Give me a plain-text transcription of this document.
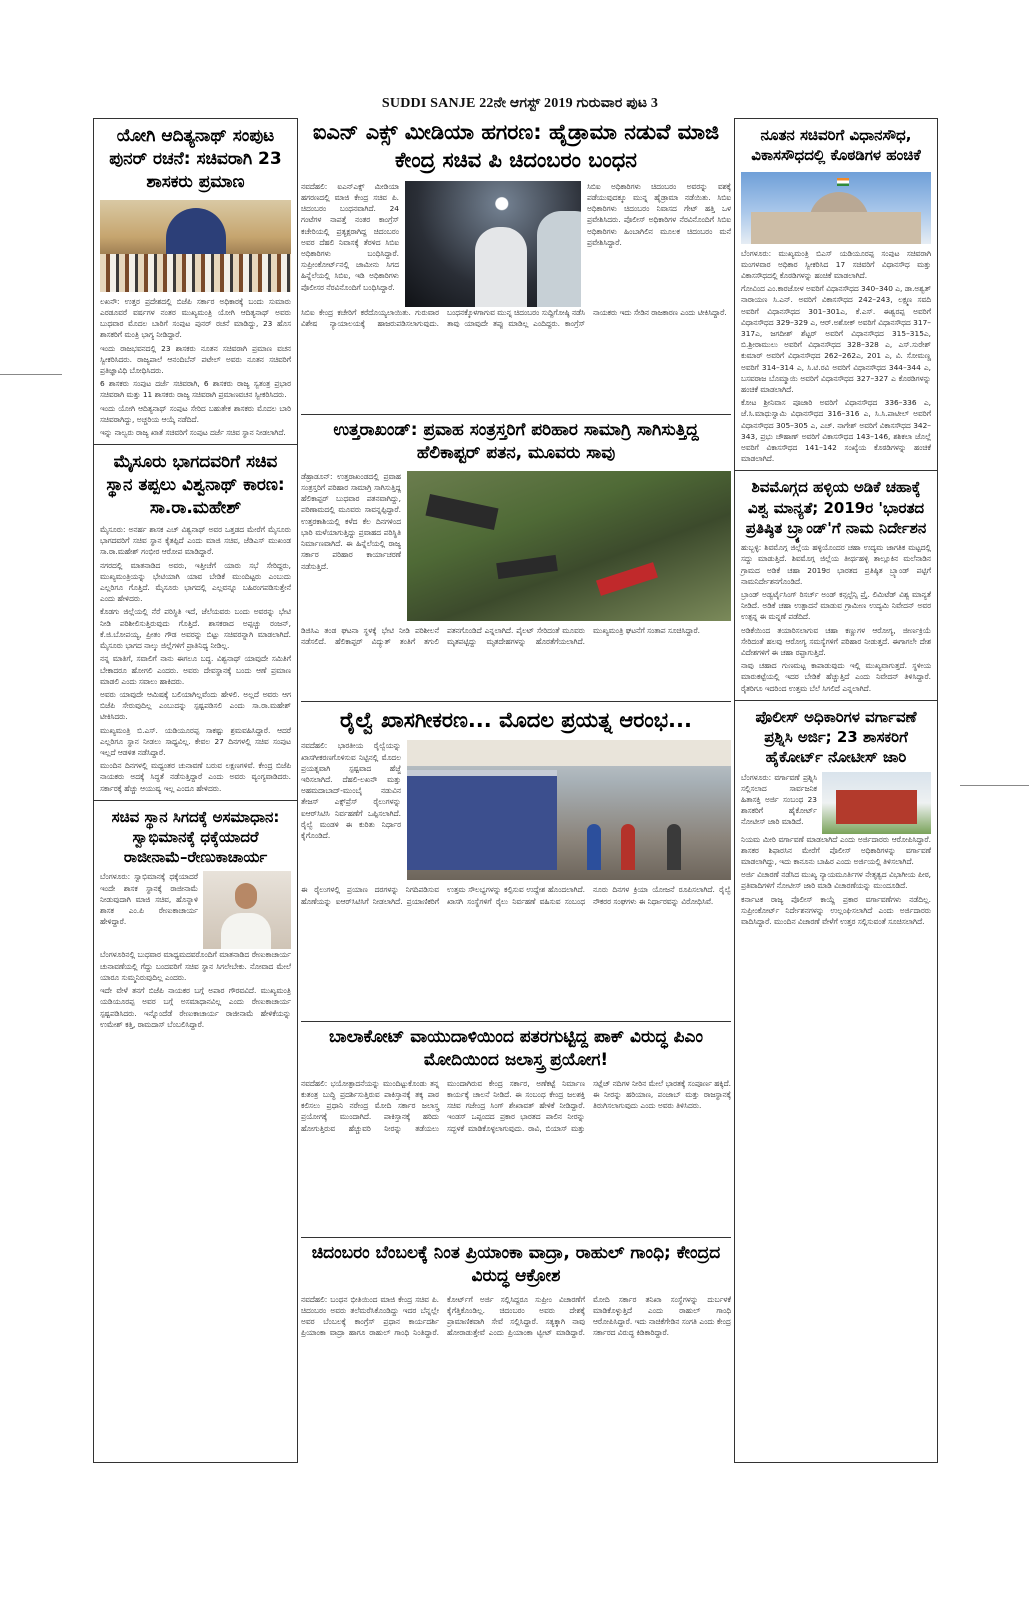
SUDDI SANJE 22ನೇ ಆಗಸ್ಟ್ 2019 ಗುರುವಾರ ಪುಟ 3
ಯೋಗಿ ಆದಿತ್ಯನಾಥ್ ಸಂಪುಟ ಪುನರ್ ರಚನೆ: ಸಚಿವರಾಗಿ 23 ಶಾಸಕರು ಪ್ರಮಾಣ

ಲಖನೌ: ಉತ್ತರ ಪ್ರದೇಶದಲ್ಲಿ ಬಿಜೆಪಿ ಸರ್ಕಾರ ಅಧಿಕಾರಕ್ಕೆ ಬಂದು ಸುಮಾರು ಎರಡೂವರೆ ವರ್ಷಗಳ ನಂತರ ಮುಖ್ಯಮಂತ್ರಿ ಯೋಗಿ ಆದಿತ್ಯನಾಥ್ ಅವರು ಬುಧವಾರ ಮೊದಲ ಬಾರಿಗೆ ಸಂಪುಟ ಪುನರ್ ರಚನೆ ಮಾಡಿದ್ದು, 23 ಹೊಸ ಶಾಸಕರಿಗೆ ಮಂತ್ರಿ ಭಾಗ್ಯ ನೀಡಿದ್ದಾರೆ.

ಇಂದು ರಾಜಭವನದಲ್ಲಿ 23 ಶಾಸಕರು ನೂತನ ಸಚಿವರಾಗಿ ಪ್ರಮಾಣ ವಚನ ಸ್ವೀಕರಿಸಿದರು. ರಾಜ್ಯಪಾಲೆ ಆನಂದಿಬೆನ್ ಪಟೇಲ್ ಅವರು ನೂತನ ಸಚಿವರಿಗೆ ಪ್ರತಿಜ್ಞಾವಿಧಿ ಬೋಧಿಸಿದರು.

6 ಶಾಸಕರು ಸಂಪುಟ ದರ್ಜೆ ಸಚಿವರಾಗಿ, 6 ಶಾಸಕರು ರಾಜ್ಯ ಸ್ವತಂತ್ರ ಪ್ರಭಾರ ಸಚಿವರಾಗಿ ಮತ್ತು 11 ಶಾಸಕರು ರಾಜ್ಯ ಸಚಿವರಾಗಿ ಪ್ರಮಾಣವಚನ ಸ್ವೀಕರಿಸಿದರು.

ಇಂದು ಯೋಗಿ ಆದಿತ್ಯನಾಥ್ ಸಂಪುಟ ಸೇರಿದ ಬಹುತೇಕ ಶಾಸಕರು ಮೊದಲ ಬಾರಿ ಸಚಿವರಾಗಿದ್ದು, ಅಚ್ಚರಿಯ ಆಯ್ಕೆ ನಡೆದಿದೆ.

ಇನ್ನು ನಾಲ್ವರು ರಾಜ್ಯ ಖಾತೆ ಸಚಿವರಿಗೆ ಸಂಪುಟ ದರ್ಜೆ ಸಚಿವ ಸ್ಥಾನ ನೀಡಲಾಗಿದೆ.

ಮೈಸೂರು ಭಾಗದವರಿಗೆ ಸಚಿವ ಸ್ಥಾನ ತಪ್ಪಲು ವಿಶ್ವನಾಥ್ ಕಾರಣ: ಸಾ.ರಾ.ಮಹೇಶ್

ಮೈಸೂರು: ಅನರ್ಹ ಶಾಸಕ ಎಚ್ ವಿಶ್ವನಾಥ್ ಅವರ ಒತ್ತಡದ ಮೇರೆಗೆ ಮೈಸೂರು ಭಾಗದವರಿಗೆ ಸಚಿವ ಸ್ಥಾನ ಕೈತಪ್ಪಿದೆ ಎಂದು ಮಾಜಿ ಸಚಿವ, ಜೆಡಿಎಸ್ ಮುಖಂಡ ಸಾ.ರಾ.ಮಹೇಶ್ ಗಂಭೀರ ಆರೋಪ ಮಾಡಿದ್ದಾರೆ.

ನಗರದಲ್ಲಿ ಮಾತನಾಡಿದ ಅವರು, ಇತ್ತೀಚೆಗೆ ಯಾರು ಸಭೆ ಸೇರಿದ್ದರು, ಮುಖ್ಯಮಂತ್ರಿಯನ್ನು ಭೇಟಿಯಾಗಿ ಯಾವ ಬೇಡಿಕೆ ಮುಂದಿಟ್ಟರು ಎಂಬುದು ಎಲ್ಲರಿಗೂ ಗೊತ್ತಿದೆ. ಮೈಸೂರು ಭಾಗದಲ್ಲಿ ಎಲ್ಲವನ್ನೂ ಬಹಿರಂಗಪಡಿಸುತ್ತೇನೆ ಎಂದು ಹೇಳಿದರು.

ಕೊಡಗು ಜಿಲ್ಲೆಯಲ್ಲಿ ನೆರೆ ಪರಿಸ್ಥಿತಿ ಇದೆ, ಜೆಲೆಯವರು ಬಂದು ಅವರನ್ನು ಭೇಟಿ ನೀಡಿ ಪರಿಶೀಲಿಸುತ್ತಿರುವುದು ಗೊತ್ತಿದೆ. ಶಾಸಕರಾದ ಅಪ್ಪಚ್ಚು ರಂಜನ್, ಕೆ.ಜಿ.ಬೋಪಯ್ಯ, ಪ್ರೀತಂ ಗೌಡ ಅವರನ್ನು ಬಿಟ್ಟು ಸಚಿವರನ್ನಾಗಿ ಮಾಡಲಾಗಿದೆ. ಮೈಸೂರು ಭಾಗದ ನಾಲ್ಕು ಜಿಲ್ಲೆಗಳಿಗೆ ಪ್ರಾತಿನಿಧ್ಯ ನೀಡಿಲ್ಲ.

ನನ್ನ ಮಾತಿಗೆ, ಸವಾಲಿಗೆ ನಾನು ಈಗಲೂ ಬದ್ಧ. ವಿಶ್ವನಾಥ್ ಯಾವುದೇ ಸಮಿತಿಗೆ ಬೇಕಾದರೂ ಹೋಗಲಿ ಎಂದರು. ಅವರು ದೇವಸ್ಥಾನಕ್ಕೆ ಬಂದು ಆಣೆ ಪ್ರಮಾಣ ಮಾಡಲಿ ಎಂದು ಸವಾಲು ಹಾಕಿದರು.

ಅವರು ಯಾವುದೇ ಆಮಿಷಕ್ಕೆ ಬಲಿಯಾಗಿಲ್ಲವೆಂದು ಹೇಳಲಿ. ಅಲ್ಲದೆ ಅವರು ಆಗ ಬಿಜೆಪಿ ಸೇರುವುದಿಲ್ಲ ಎಂಬುದನ್ನು ಸ್ಪಷ್ಟಪಡಿಸಲಿ ಎಂದು ಸಾ.ರಾ.ಮಹೇಶ್ ಟೀಕಿಸಿದರು.

ಮುಖ್ಯಮಂತ್ರಿ ಬಿ.ಎಸ್. ಯಡಿಯೂರಪ್ಪ ಸಾಕಷ್ಟು ಶ್ರಮವಹಿಸಿದ್ದಾರೆ. ಆದರೆ ಎಲ್ಲರಿಗೂ ಸ್ಥಾನ ನೀಡಲು ಸಾಧ್ಯವಿಲ್ಲ. ಕೇವಲ 27 ದಿನಗಳಲ್ಲಿ ಸಚಿವ ಸಂಪುಟ ಇಲ್ಲದೆ ಆಡಳಿತ ನಡೆಸಿದ್ದಾರೆ.

ಮುಂದಿನ ದಿನಗಳಲ್ಲಿ ಮಧ್ಯಂತರ ಚುನಾವಣೆ ಬರುವ ಲಕ್ಷಣಗಳಿವೆ. ಕೇಂದ್ರ ಬಿಜೆಪಿ ನಾಯಕರು ಅದಕ್ಕೆ ಸಿದ್ಧತೆ ನಡೆಸುತ್ತಿದ್ದಾರೆ ಎಂದು ಅವರು ವ್ಯಂಗ್ಯವಾಡಿದರು. ಸರ್ಕಾರಕ್ಕೆ ಹೆಚ್ಚು ಆಯುಷ್ಯ ಇಲ್ಲ ಎಂದೂ ಹೇಳಿದರು.

ಸಚಿವ ಸ್ಥಾನ ಸಿಗದಕ್ಕೆ ಅಸಮಾಧಾನ: ಸ್ವಾಭಿಮಾನಕ್ಕೆ ಧಕ್ಕೆಯಾದರೆ ರಾಜೀನಾಮೆ–ರೇಣುಕಾಚಾರ್ಯ

ಬೆಂಗಳೂರು: ಸ್ವಾಭಿಮಾನಕ್ಕೆ ಧಕ್ಕೆಯಾದರೆ ಇಂದೇ ಶಾಸಕ ಸ್ಥಾನಕ್ಕೆ ರಾಜೀನಾಮೆ ನೀಡುವುದಾಗಿ ಮಾಜಿ ಸಚಿವ, ಹೊನ್ನಾಳಿ ಶಾಸಕ ಎಂ.ಪಿ ರೇಣುಕಾಚಾರ್ಯ ಹೇಳಿದ್ದಾರೆ.

ಬೆಂಗಳೂರಿನಲ್ಲಿ ಬುಧವಾರ ಮಾಧ್ಯಮದವರೊಂದಿಗೆ ಮಾತನಾಡಿದ ರೇಣುಕಾಚಾರ್ಯ ಚುನಾವಣೆಯಲ್ಲಿ ಗೆದ್ದು ಬಂದವರಿಗೆ ಸಚಿವ ಸ್ಥಾನ ಸಿಗಲೇಬೇಕು. ನೋವಾದ ಮೇಲೆ ಯಾರೂ ಸುಮ್ಮನಿರುವುದಿಲ್ಲ ಎಂದರು.

ಇದೇ ವೇಳೆ ತನಗೆ ಬಿಜೆಪಿ ನಾಯಕರ ಬಗ್ಗೆ ಅಪಾರ ಗೌರವವಿದೆ. ಮುಖ್ಯಮಂತ್ರಿ ಯಡಿಯೂರಪ್ಪ ಅವರ ಬಗ್ಗೆ ಅಸಮಾಧಾನವಿಲ್ಲ ಎಂದು ರೇಣುಕಾಚಾರ್ಯ ಸ್ಪಷ್ಟಪಡಿಸಿದರು. ಇನ್ನೊಂದೆಡೆ ರೇಣುಕಾಚಾರ್ಯ ರಾಜೀನಾಮೆ ಹೇಳಿಕೆಯನ್ನು ಉಮೇಶ್ ಕತ್ತಿ, ರಾಮದಾಸ್ ಬೆಂಬಲಿಸಿದ್ದಾರೆ.

ಐಎನ್ ಎಕ್ಸ್ ಮೀಡಿಯಾ ಹಗರಣ: ಹೈಡ್ರಾಮಾ ನಡುವೆ ಮಾಜಿ ಕೇಂದ್ರ ಸಚಿವ ಪಿ ಚಿದಂಬರಂ ಬಂಧನ

ನವದೆಹಲಿ: ಐಎನ್‌ಎಕ್ಸ್ ಮೀಡಿಯಾ ಹಗರಣದಲ್ಲಿ ಮಾಜಿ ಕೇಂದ್ರ ಸಚಿವ ಪಿ. ಚಿದಂಬರಂ ಬಂಧನವಾಗಿದೆ. 24 ಗಂಟೆಗಳ ನಾಪತ್ತೆ ನಂತರ ಕಾಂಗ್ರೆಸ್ ಕಚೇರಿಯಲ್ಲಿ ಪ್ರತ್ಯಕ್ಷರಾಗಿದ್ದ ಚಿದಂಬರಂ ಅವರ ದೆಹಲಿ ನಿವಾಸಕ್ಕೆ ತೆರಳಿದ ಸಿಬಿಐ ಅಧಿಕಾರಿಗಳು ಬಂಧಿಸಿದ್ದಾರೆ. ಸುಪ್ರೀಂಕೋರ್ಟ್‌ನಲ್ಲಿ ಜಾಮೀನು ಸಿಗದ ಹಿನ್ನೆಲೆಯಲ್ಲಿ ಸಿಬಿಐ, ಇಡಿ ಅಧಿಕಾರಿಗಳು ಪೊಲೀಸರ ನೆರವಿನೊಂದಿಗೆ ಬಂಧಿಸಿದ್ದಾರೆ.

ಸಿಬಿಐ ಅಧಿಕಾರಿಗಳು ಚಿದಂಬರಂ ಅವರನ್ನು ವಶಕ್ಕೆ ಪಡೆಯುವುದಕ್ಕೂ ಮುನ್ನ ಹೈಡ್ರಾಮಾ ನಡೆಯಿತು. ಸಿಬಿಐ ಅಧಿಕಾರಿಗಳು ಚಿದಂಬರಂ ನಿವಾಸದ ಗೇಟ್ ಹತ್ತಿ ಒಳ ಪ್ರವೇಶಿಸಿದರು. ಪೊಲೀಸ್ ಅಧಿಕಾರಿಗಳ ನೆರವಿನೊಂದಿಗೆ ಸಿಬಿಐ ಅಧಿಕಾರಿಗಳು ಹಿಂಬಾಗಿಲಿನ ಮೂಲಕ ಚಿದಂಬರಂ ಮನೆ ಪ್ರವೇಶಿಸಿದ್ದಾರೆ.

ಸಿಬಿಐ ಕೇಂದ್ರ ಕಚೇರಿಗೆ ಕರೆದೊಯ್ಯಲಾಯಿತು. ಗುರುವಾರ ವಿಶೇಷ ನ್ಯಾಯಾಲಯಕ್ಕೆ ಹಾಜರುಪಡಿಸಲಾಗುವುದು. ಬಂಧನಕ್ಕೊಳಗಾಗುವ ಮುನ್ನ ಚಿದಂಬರಂ ಸುದ್ದಿಗೋಷ್ಠಿ ನಡೆಸಿ ತಾವು ಯಾವುದೇ ತಪ್ಪು ಮಾಡಿಲ್ಲ ಎಂದಿದ್ದರು. ಕಾಂಗ್ರೆಸ್ ನಾಯಕರು ಇದು ಸೇಡಿನ ರಾಜಕಾರಣ ಎಂದು ಟೀಕಿಸಿದ್ದಾರೆ.

ಉತ್ತರಾಖಂಡ್: ಪ್ರವಾಹ ಸಂತ್ರಸ್ತರಿಗೆ ಪರಿಹಾರ ಸಾಮಾಗ್ರಿ ಸಾಗಿಸುತ್ತಿದ್ದ ಹೆಲಿಕಾಪ್ಟರ್ ಪತನ, ಮೂವರು ಸಾವು

ಡೆಹ್ರಾಡೂನ್: ಉತ್ತರಾಖಂಡದಲ್ಲಿ ಪ್ರವಾಹ ಸಂತ್ರಸ್ತರಿಗೆ ಪರಿಹಾರ ಸಾಮಾಗ್ರಿ ಸಾಗಿಸುತ್ತಿದ್ದ ಹೆಲಿಕಾಪ್ಟರ್ ಬುಧವಾರ ಪತನವಾಗಿದ್ದು, ಪರಿಣಾಮದಲ್ಲಿ ಮೂವರು ಸಾವನ್ನಪ್ಪಿದ್ದಾರೆ. ಉತ್ತರಕಾಶಿಯಲ್ಲಿ ಕಳೆದ ಕೆಲ ದಿನಗಳಿಂದ ಭಾರಿ ಮಳೆಯಾಗುತ್ತಿದ್ದು ಪ್ರವಾಹದ ಪರಿಸ್ಥಿತಿ ನಿರ್ಮಾಣವಾಗಿದೆ. ಈ ಹಿನ್ನೆಲೆಯಲ್ಲಿ ರಾಜ್ಯ ಸರ್ಕಾರ ಪರಿಹಾರ ಕಾರ್ಯಾಚರಣೆ ನಡೆಸುತ್ತಿದೆ.

ಡಿಜಿಸಿಎ ತಂಡ ಘಟನಾ ಸ್ಥಳಕ್ಕೆ ಭೇಟಿ ನೀಡಿ ಪರಿಶೀಲನೆ ನಡೆಸಲಿದೆ. ಹೆಲಿಕಾಪ್ಟರ್ ವಿದ್ಯುತ್ ತಂತಿಗೆ ತಗುಲಿ ಪತನಗೊಂಡಿದೆ ಎನ್ನಲಾಗಿದೆ. ಪೈಲಟ್ ಸೇರಿದಂತೆ ಮೂವರು ಮೃತಪಟ್ಟಿದ್ದು ಮೃತದೇಹಗಳನ್ನು ಹೊರತೆಗೆಯಲಾಗಿದೆ. ಮುಖ್ಯಮಂತ್ರಿ ಘಟನೆಗೆ ಸಂತಾಪ ಸೂಚಿಸಿದ್ದಾರೆ.

ರೈಲ್ವೆ ಖಾಸಗೀಕರಣ... ಮೊದಲ ಪ್ರಯತ್ನ ಆರಂಭ...

ನವದೆಹಲಿ: ಭಾರತೀಯ ರೈಲ್ವೆಯನ್ನು ಖಾಸಗೀಕರಣಗೊಳಿಸುವ ನಿಟ್ಟಿನಲ್ಲಿ ಮೊದಲ ಪ್ರಯತ್ನವಾಗಿ ಸ್ಪಷ್ಟವಾದ ಹೆಜ್ಜೆ ಇರಿಸಲಾಗಿದೆ. ದೆಹಲಿ-ಲಖನೌ ಮತ್ತು ಅಹಮದಾಬಾದ್-ಮುಂಬೈ ನಡುವಿನ ತೇಜಸ್ ಎಕ್ಸ್‌ಪ್ರೆಸ್ ರೈಲುಗಳನ್ನು ಐಆರ್‌ಸಿಟಿಸಿ ನಿರ್ವಹಣೆಗೆ ಒಪ್ಪಿಸಲಾಗಿದೆ. ರೈಲ್ವೆ ಮಂಡಳಿ ಈ ಕುರಿತು ನಿರ್ಧಾರ ಕೈಗೊಂಡಿದೆ.

ಈ ರೈಲುಗಳಲ್ಲಿ ಪ್ರಯಾಣ ದರಗಳನ್ನು ನಿಗದಿಪಡಿಸುವ ಹೊಣೆಯನ್ನು ಐಆರ್‌ಸಿಟಿಸಿಗೆ ನೀಡಲಾಗಿದೆ. ಪ್ರಯಾಣಿಕರಿಗೆ ಉತ್ತಮ ಸೌಲಭ್ಯಗಳನ್ನು ಕಲ್ಪಿಸುವ ಉದ್ದೇಶ ಹೊಂದಲಾಗಿದೆ. ಖಾಸಗಿ ಸಂಸ್ಥೆಗಳಿಗೆ ರೈಲು ನಿರ್ವಹಣೆ ವಹಿಸುವ ಸಂಬಂಧ ನೂರು ದಿನಗಳ ಕ್ರಿಯಾ ಯೋಜನೆ ರೂಪಿಸಲಾಗಿದೆ. ರೈಲ್ವೆ ನೌಕರರ ಸಂಘಗಳು ಈ ನಿರ್ಧಾರವನ್ನು ವಿರೋಧಿಸಿವೆ.

ಬಾಲಾಕೋಟ್ ವಾಯುದಾಳಿಯಿಂದ ಪತರಗುಟ್ಟಿದ್ದ ಪಾಕ್ ವಿರುದ್ಧ ಪಿಎಂ ಮೋದಿಯಿಂದ ಜಲಾಸ್ತ್ರ ಪ್ರಯೋಗ!

ನವದೆಹಲಿ: ಭಯೋತ್ಪಾದನೆಯನ್ನು ಮುಂದಿಟ್ಟುಕೊಂಡು ತನ್ನ ಕುತಂತ್ರ ಬುದ್ಧಿ ಪ್ರದರ್ಶಿಸುತ್ತಿರುವ ಪಾಕಿಸ್ತಾನಕ್ಕೆ ತಕ್ಕ ಪಾಠ ಕಲಿಸಲು ಪ್ರಧಾನಿ ನರೇಂದ್ರ ಮೋದಿ ಸರ್ಕಾರ ಜಲಾಸ್ತ್ರ ಪ್ರಯೋಗಕ್ಕೆ ಮುಂದಾಗಿದೆ. ಪಾಕಿಸ್ತಾನಕ್ಕೆ ಹರಿದು ಹೋಗುತ್ತಿರುವ ಹೆಚ್ಚುವರಿ ನೀರನ್ನು ತಡೆಯಲು ಮುಂದಾಗಿರುವ ಕೇಂದ್ರ ಸರ್ಕಾರ, ಅಣೆಕಟ್ಟೆ ನಿರ್ಮಾಣ ಕಾರ್ಯಕ್ಕೆ ಚಾಲನೆ ನೀಡಿದೆ. ಈ ಸಂಬಂಧ ಕೇಂದ್ರ ಜಲಶಕ್ತಿ ಸಚಿವ ಗಜೇಂದ್ರ ಸಿಂಗ್ ಶೇಖಾವತ್ ಹೇಳಿಕೆ ನೀಡಿದ್ದಾರೆ. ಇಂಡಸ್ ಒಪ್ಪಂದದ ಪ್ರಕಾರ ಭಾರತದ ಪಾಲಿನ ನೀರನ್ನು ಸದ್ಬಳಕೆ ಮಾಡಿಕೊಳ್ಳಲಾಗುವುದು. ರಾವಿ, ಬಿಯಾಸ್ ಮತ್ತು ಸಟ್ಲೆಜ್ ನದಿಗಳ ನೀರಿನ ಮೇಲೆ ಭಾರತಕ್ಕೆ ಸಂಪೂರ್ಣ ಹಕ್ಕಿದೆ. ಈ ನೀರನ್ನು ಹರಿಯಾಣ, ಪಂಜಾಬ್ ಮತ್ತು ರಾಜಸ್ಥಾನಕ್ಕೆ ತಿರುಗಿಸಲಾಗುವುದು ಎಂದು ಅವರು ತಿಳಿಸಿದರು.

ಚಿದಂಬರಂ ಬೆಂಬಲಕ್ಕೆ ನಿಂತ ಪ್ರಿಯಾಂಕಾ ವಾದ್ರಾ, ರಾಹುಲ್ ಗಾಂಧಿ; ಕೇಂದ್ರದ ವಿರುದ್ಧ ಆಕ್ರೋಶ

ನವದೆಹಲಿ: ಬಂಧನ ಭೀತಿಯಿಂದ ಮಾಜಿ ಕೇಂದ್ರ ಸಚಿವ ಪಿ. ಚಿದಂಬರಂ ಅವರು ತಲೆಮರೆಸಿಕೊಂಡಿದ್ದು ಇದರ ಬೆನ್ನಲ್ಲೇ ಅವರ ಬೆಂಬಲಕ್ಕೆ ಕಾಂಗ್ರೆಸ್ ಪ್ರಧಾನ ಕಾರ್ಯದರ್ಶಿ ಪ್ರಿಯಾಂಕಾ ವಾದ್ರಾ ಹಾಗೂ ರಾಹುಲ್ ಗಾಂಧಿ ನಿಂತಿದ್ದಾರೆ. ಕೋರ್ಟ್‌ಗೆ ಅರ್ಜಿ ಸಲ್ಲಿಸಿದ್ದರೂ ಸುಪ್ರೀಂ ವಿಚಾರಣೆಗೆ ಕೈಗೆತ್ತಿಕೊಂಡಿಲ್ಲ. ಚಿದಂಬರಂ ಅವರು ದೇಶಕ್ಕೆ ಪ್ರಾಮಾಣಿಕವಾಗಿ ಸೇವೆ ಸಲ್ಲಿಸಿದ್ದಾರೆ. ಸತ್ಯಕ್ಕಾಗಿ ನಾವು ಹೋರಾಡುತ್ತೇವೆ ಎಂದು ಪ್ರಿಯಾಂಕಾ ಟ್ವೀಟ್ ಮಾಡಿದ್ದಾರೆ. ಮೋದಿ ಸರ್ಕಾರ ತನಿಖಾ ಸಂಸ್ಥೆಗಳನ್ನು ದುರ್ಬಳಕೆ ಮಾಡಿಕೊಳ್ಳುತ್ತಿದೆ ಎಂದು ರಾಹುಲ್ ಗಾಂಧಿ ಆರೋಪಿಸಿದ್ದಾರೆ. ಇದು ನಾಚಿಕೆಗೇಡಿನ ಸಂಗತಿ ಎಂದು ಕೇಂದ್ರ ಸರ್ಕಾರದ ವಿರುದ್ಧ ಕಿಡಿಕಾರಿದ್ದಾರೆ.

ನೂತನ ಸಚಿವರಿಗೆ ವಿಧಾನಸೌಧ, ವಿಕಾಸಸೌಧದಲ್ಲಿ ಕೊಠಡಿಗಳ ಹಂಚಿಕೆ

ಬೆಂಗಳೂರು: ಮುಖ್ಯಮಂತ್ರಿ ಬಿಎಸ್ ಯಡಿಯೂರಪ್ಪ ಸಂಪುಟ ಸಚಿವರಾಗಿ ಮಂಗಳವಾರ ಅಧಿಕಾರ ಸ್ವೀಕರಿಸಿದ 17 ಸಚಿವರಿಗೆ ವಿಧಾನಸೌಧ ಮತ್ತು ವಿಕಾಸಸೌಧದಲ್ಲಿ ಕೊಠಡಿಗಳನ್ನು ಹಂಚಿಕೆ ಮಾಡಲಾಗಿದೆ.

ಗೋವಿಂದ ಎಂ.ಕಾರಜೋಳ ಅವರಿಗೆ ವಿಧಾನಸೌಧದ 340–340 ಎ, ಡಾ.ಅಶ್ವತ್ ನಾರಾಯಣ ಸಿ.ಎನ್. ಅವರಿಗೆ ವಿಕಾಸಸೌಧದ 242–243, ಲಕ್ಷ್ಮಣ ಸವದಿ ಅವರಿಗೆ ವಿಧಾನಸೌಧದ 301–301ಎ, ಕೆ.ಎಸ್. ಈಶ್ವರಪ್ಪ ಅವರಿಗೆ ವಿಧಾನಸೌಧದ 329–329 ಎ, ಆರ್.ಅಶೋಕ್ ಅವರಿಗೆ ವಿಧಾನಸೌಧದ 317–317ಎ, ಜಗದೀಶ್ ಶೆಟ್ಟರ್ ಅವರಿಗೆ ವಿಧಾನಸೌಧದ 315–315ಎ, ಬಿ.ಶ್ರೀರಾಮುಲು ಅವರಿಗೆ ವಿಧಾನಸೌಧದ 328–328 ಎ, ಎಸ್.ಸುರೇಶ್ ಕುಮಾರ್ ಅವರಿಗೆ ವಿಧಾನಸೌಧದ 262–262ಎ, 201 ಎ, ವಿ. ಸೋಮಣ್ಣ ಅವರಿಗೆ 314–314 ಎ, ಸಿ.ಟಿ.ರವಿ ಅವರಿಗೆ ವಿಧಾನಸೌಧದ 344–344 ಎ, ಬಸವರಾಜ ಬೊಮ್ಮಾಯಿ ಅವರಿಗೆ ವಿಧಾನಸೌಧದ 327–327 ಎ ಕೊಠಡಿಗಳನ್ನು ಹಂಚಿಕೆ ಮಾಡಲಾಗಿದೆ.

ಕೋಟ ಶ್ರೀನಿವಾಸ ಪೂಜಾರಿ ಅವರಿಗೆ ವಿಧಾನಸೌಧದ 336–336 ಎ, ಜೆ.ಸಿ.ಮಾಧುಸ್ವಾಮಿ ವಿಧಾನಸೌಧದ 316–316 ಎ, ಸಿ.ಸಿ.ಪಾಟೀಲ್ ಅವರಿಗೆ ವಿಧಾನಸೌಧದ 305–305 ಎ, ಎಚ್. ನಾಗೇಶ್ ಅವರಿಗೆ ವಿಕಾಸಸೌಧದ 342–343, ಪ್ರಭು ಚೌಹಾಣ್ ಅವರಿಗೆ ವಿಕಾಸಸೌಧದ 143–146, ಶಶಿಕಲಾ ಜೊಲ್ಲೆ ಅವರಿಗೆ ವಿಕಾಸಸೌಧದ 141–142 ಸಂಖ್ಯೆಯ ಕೊಠಡಿಗಳನ್ನು ಹಂಚಿಕೆ ಮಾಡಲಾಗಿದೆ.

ಶಿವಮೊಗ್ಗದ ಹಳ್ಳಿಯ ಅಡಿಕೆ ಚಹಾಕ್ಕೆ ವಿಶ್ವ ಮಾನ್ಯತೆ; 2019ರ 'ಭಾರತದ ಪ್ರತಿಷ್ಠಿತ ಬ್ರ್ಯಾಂಡ್'ಗೆ ನಾಮ ನಿರ್ದೇಶನ

ಹುಬ್ಬಳ್ಳಿ: ಶಿವಮೊಗ್ಗ ಜಿಲ್ಲೆಯ ಹಳ್ಳಿಯೊಂದರ ಚಹಾ ಉದ್ಯಮ ಜಾಗತಿಕ ಮಟ್ಟದಲ್ಲಿ ಸದ್ದು ಮಾಡುತ್ತಿದೆ. ಶಿವಮೊಗ್ಗ ಜಿಲ್ಲೆಯ ತೀರ್ಥಹಳ್ಳಿ ತಾಲ್ಲೂಕಿನ ಮಲೆನಾಡಿನ ಗ್ರಾಮದ ಅಡಿಕೆ ಚಹಾ 2019ರ ಭಾರತದ ಪ್ರತಿಷ್ಠಿತ ಬ್ರ್ಯಾಂಡ್ ಪಟ್ಟಿಗೆ ನಾಮನಿರ್ದೇಶನಗೊಂಡಿದೆ.

ಬ್ರಾಂಡ್ ಅಡ್ವರ್ಟೈಸಿಂಗ್ ರಿಸರ್ಚ್ ಅಂಡ್ ಕನ್ಸಲ್ಟೆನ್ಸಿ ಪ್ರೈ. ಲಿಮಿಟೆಡ್ ವಿಶ್ವ ಮಾನ್ಯತೆ ನೀಡಿದೆ. ಅಡಿಕೆ ಚಹಾ ಉತ್ಪಾದನೆ ಮಾಡುವ ಗ್ರಾಮೀಣ ಉದ್ಯಮಿ ನಿವೇದನ್ ಅವರ ಉತ್ಪನ್ನ ಈ ಮನ್ನಣೆ ಪಡೆದಿದೆ.

ಅಡಿಕೆಯಿಂದ ತಯಾರಿಸಲಾಗುವ ಚಹಾ ಕಣ್ಣುಗಳ ಆರೋಗ್ಯ, ಜೀರ್ಣಕ್ರಿಯೆ ಸೇರಿದಂತೆ ಹಲವು ಆರೋಗ್ಯ ಸಮಸ್ಯೆಗಳಿಗೆ ಪರಿಹಾರ ನೀಡುತ್ತದೆ. ಈಗಾಗಲೇ ದೇಶ ವಿದೇಶಗಳಿಗೆ ಈ ಚಹಾ ರಫ್ತಾಗುತ್ತಿದೆ.

ನಾವು ಚಹಾದ ಗುಣಮಟ್ಟ ಕಾಪಾಡುವುದು ಇಲ್ಲಿ ಮುಖ್ಯವಾಗುತ್ತದೆ. ಸ್ಥಳೀಯ ಮಾರುಕಟ್ಟೆಯಲ್ಲಿ ಇದರ ಬೇಡಿಕೆ ಹೆಚ್ಚುತ್ತಿದೆ ಎಂದು ನಿವೇದನ್ ತಿಳಿಸಿದ್ದಾರೆ. ರೈತರಿಗೂ ಇದರಿಂದ ಉತ್ತಮ ಬೆಲೆ ಸಿಗಲಿದೆ ಎನ್ನಲಾಗಿದೆ.

ಪೊಲೀಸ್ ಅಧಿಕಾರಿಗಳ ವರ್ಗಾವಣೆ ಪ್ರಶ್ನಿಸಿ ಅರ್ಜಿ; 23 ಶಾಸಕರಿಗೆ ಹೈಕೋರ್ಟ್ ನೋಟೀಸ್ ಜಾರಿ

ಬೆಂಗಳೂರು: ವರ್ಗಾವಣೆ ಪ್ರಶ್ನಿಸಿ ಸಲ್ಲಿಸಲಾದ ಸಾರ್ವಜನಿಕ ಹಿತಾಸಕ್ತಿ ಅರ್ಜಿ ಸಂಬಂಧ 23 ಶಾಸಕರಿಗೆ ಹೈಕೋರ್ಟ್ ನೋಟೀಸ್ ಜಾರಿ ಮಾಡಿದೆ.

ನಿಯಮ ಮೀರಿ ವರ್ಗಾವಣೆ ಮಾಡಲಾಗಿದೆ ಎಂದು ಅರ್ಜಿದಾರರು ಆರೋಪಿಸಿದ್ದಾರೆ. ಶಾಸಕರ ಶಿಫಾರಸಿನ ಮೇರೆಗೆ ಪೊಲೀಸ್ ಅಧಿಕಾರಿಗಳನ್ನು ವರ್ಗಾವಣೆ ಮಾಡಲಾಗಿದ್ದು, ಇದು ಕಾನೂನು ಬಾಹಿರ ಎಂದು ಅರ್ಜಿಯಲ್ಲಿ ತಿಳಿಸಲಾಗಿದೆ.

ಅರ್ಜಿ ವಿಚಾರಣೆ ನಡೆಸಿದ ಮುಖ್ಯ ನ್ಯಾಯಮೂರ್ತಿಗಳ ನೇತೃತ್ವದ ವಿಭಾಗೀಯ ಪೀಠ, ಪ್ರತಿವಾದಿಗಳಿಗೆ ನೋಟೀಸ್ ಜಾರಿ ಮಾಡಿ ವಿಚಾರಣೆಯನ್ನು ಮುಂದೂಡಿದೆ.

ಕರ್ನಾಟಕ ರಾಜ್ಯ ಪೊಲೀಸ್ ಕಾಯ್ದೆ ಪ್ರಕಾರ ವರ್ಗಾವಣೆಗಳು ನಡೆದಿಲ್ಲ. ಸುಪ್ರೀಂಕೋರ್ಟ್ ನಿರ್ದೇಶನಗಳನ್ನು ಉಲ್ಲಂಘಿಸಲಾಗಿದೆ ಎಂದು ಅರ್ಜಿದಾರರು ವಾದಿಸಿದ್ದಾರೆ. ಮುಂದಿನ ವಿಚಾರಣೆ ವೇಳೆಗೆ ಉತ್ತರ ಸಲ್ಲಿಸುವಂತೆ ಸೂಚಿಸಲಾಗಿದೆ.
